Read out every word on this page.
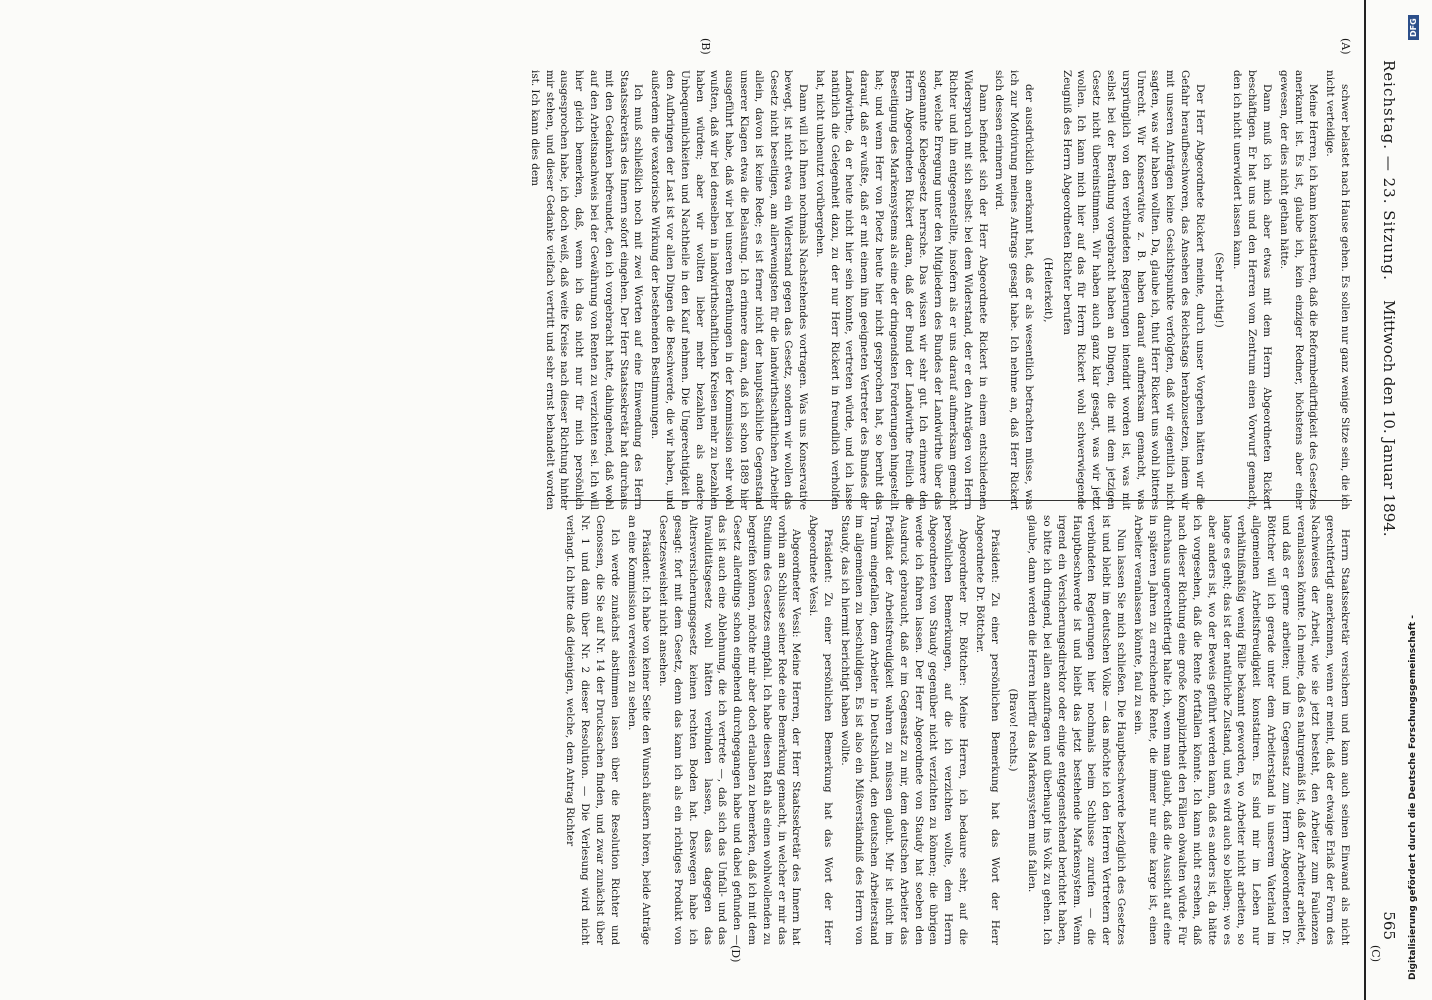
Reichstag. — 23. Sitzung.
Mittwoch den 10. Januar 1894.
565
(A)
(B)
(C)
(D)

schwer belastet nach Hause gehen. Es sollen nur ganz wenige Sitze sein, die ich nicht verteidige.

Meine Herren, ich kann konstatieren, daß die Reformbedürftigkeit des Gesetzes anerkannt ist. Es ist, glaube ich, kein einziger Redner, höchstens aber einer gewesen, der dies nicht gethan hätte.

Dann muß ich mich aber etwas mit dem Herrn Abgeordneten Rickert beschäftigen. Er hat uns und den Herren vom Zentrum einen Vorwurf gemacht, den ich nicht unerwidert lassen kann.

(Sehr richtig!)

Der Herr Abgeordnete Rickert meinte, durch unser Vorgehen hätten wir die Gefahr heraufbeschworen, das Ansehen des Reichstags herabzusetzen, indem wir mit unseren Anträgen keine Gesichtspunkte verfolgten, daß wir eigentlich nicht sagten, was wir haben wollten. Da, glaube ich, thut Herr Rickert uns wohl bitteres Unrecht. Wir Konservative z. B. haben darauf aufmerksam gemacht, was ursprünglich von den verbündeten Regierungen intendirt worden ist, was mit selbst bei der Berathung vorgebracht haben an Dingen, die mit dem jetzigen Gesetz nicht übereinstimmen. Wir haben auch ganz klar gesagt, was wir jetzt wollen. Ich kann mich hier auf das für Herrn Rickert wohl schwerwiegende Zeugniß des Herrn Abgeordneten Richter berufen

(Heiterkeit),

der ausdrücklich anerkannt hat, daß er als wesentlich betrachten müsse, was ich zur Motivirung meines Antrags gesagt habe. Ich nehme an, daß Herr Rickert sich dessen erinnern wird.

Dann befindet sich der Herr Abgeordnete Rickert in einem entschiedenen Widerspruch mit sich selbst: bei dem Widerstand, der er den Anträgen von Herrn Richter und ihn entgegenstellte, insofern als er uns darauf aufmerksam gemacht hat, welche Erregung unter den Mitgliedern des Bundes der Landwirthe über das sogenannte Klebegesetz herrsche. Das wissen wir sehr gut. Ich erinnere den Herrn Abgeordneten Rickert daran, daß der Bund der Landwirthe freilich die Beseitigung des Markensystems als eine der dringendsten Forderungen hingestellt hat; und wenn Herr von Ploetz heute hier nicht gesprochen hat, so beruht das darauf, daß er wußte, daß er mit einem ihm geeigneten Vertreter des Bundes der Landwirthe, da er heute nicht hier sein konnte, vertreten würde, und ich lasse natürlich die Gelegenheit dazu, zu der nur Herr Rickert in freundlich verholfen hat, nicht unbenutzt vorübergehen.

Dann will ich Ihnen nochmals Nachstehendes vortragen. Was uns Konservative bewegt, ist nicht etwa ein Widerstand gegen das Gesetz, sondern wir wollen das Gesetz nicht beseitigen, am allerwenigsten für die landwirthschaftlichen Arbeiter allein, davon ist keine Rede; es ist ferner nicht der hauptsächliche Gegenstand unserer Klagen etwa die Belastung. Ich erinnere daran, daß ich schon 1889 hier ausgeführt habe, daß wir bei unseren Berathungen in der Kommission sehr wohl wußten, daß wir bei denselben in landwirthschaftlichen Kreisen mehr zu bezahlen haben würden; aber wir wollten lieber mehr bezahlen als andere Unbequemlichkeiten und Nachtheile in den Kauf nehmen. Die Ungerechtigkeit in den Aufbringen der Last ist vor allen Dingen die Beschwerde, die wir haben, und außerdem die vexatorische Wirkung der bestehenden Bestimmungen.

Ich muß schließlich noch mit zwei Worten auf eine Einwendung des Herrn Staatssekretärs des Innern sofort eingehen. Der Herr Staatssekretär hat durchaus mit den Gedanken befreundet, den ich vorgebracht hatte, dahingehend, daß wohl auf den Arbeitsnachweis bei der Gewährung von Renten zu verzichten sei. Ich will hier gleich bemerken, daß, wenn ich das nicht nur für mich persönlich ausgesprochen habe, ich doch weiß, daß weite Kreise nach dieser Richtung hinter mir stehen, und dieser Gedanke vielfach vertritt und sehr ernst behandelt worden ist. Ich kann dies dem

Herrn Staatssekretär versichern und kann auch seinen Einwand als nicht gerechtfertigt anerkennen, wenn er meint, daß der etwaige Erlaß der Form des Nachweises der Arbeit, wie sie jetzt besteht, den Arbeiter zum Faulenzen veranlassen könnte. Ich meine, daß es naturgemäß ist, daß der Arbeiter arbeitet, und daß er gerne arbeiten; und im Gegensatz zum Herrn Abgeordneten Dr. Böttcher will ich gerade unter dem Arbeiterstand in unserem Vaterland im allgemeinen Arbeitsfreudigkeit konstatiren. Es sind mir im Leben nur verhältnißmäßig wenig Fälle bekannt geworden, wo Arbeiter nicht arbeiten, so lange es geht; das ist der natürliche Zustand, und es wird auch so bleiben; wo es aber anders ist, wo der Beweis geführt werden kann, daß es anders ist, da hätte ich vorgesehen, daß die Rente fortfallen könnte. Ich kann nicht ersehen, daß nach dieser Richtung eine große Komplizirtheit den Fällen obwalten würde. Für durchaus ungerechtfertigt halte ich, wenn man glaubt, daß die Aussicht auf eine in späteren Jahren zu erreichende Rente, die immer nur eine karge ist, einen Arbeiter veranlassen könnte, faul zu sein.

Nun lassen Sie mich schließen. Die Hauptbeschwerde bezüglich des Gesetzes ist und bleibt im deutschen Volke — das möchte ich den Herren Vertretern der verbündeten Regierungen hier nochmals beim Schlusse zurufen — die Hauptbeschwerde ist und bleibt das jetzt bestehende Markensystem. Wenn irgend ein Versicherungsdirektor oder einige entgegenstehend berichtet haben, so bitte ich dringend, bei allen anzufragen und überhaupt ins Volk zu gehen. Ich glaube, dann werden die Herren hierfür das Markensystem muß fallen.

(Bravo! rechts.)

Präsident: Zu einer persönlichen Bemerkung hat das Wort der Herr Abgeordnete Dr. Böttcher.

Abgeordneter Dr. Böttcher: Meine Herren, ich bedaure sehr, auf die persönlichen Bemerkungen, auf die ich verzichten wollte, dem Herrn Abgeordneten von Staudy gegenüber nicht verzichten zu können; die übrigen werde ich fahren lassen. Der Herr Abgeordnete von Staudy hat soeben den Ausdruck gebraucht, daß er im Gegensatz zu mir, dem deutschen Arbeiter das Prädikat der Arbeitsfreudigkeit wahren zu müssen glaubt. Mir ist nicht im Traum eingefallen, dem Arbeiter in Deutschland, den deutschen Arbeiterstand im allgemeinen zu beschuldigen. Es ist also ein Mißverständniß des Herrn von Staudy, das ich hiermit berichtigt haben wollte.

Präsident: Zu einer persönlichen Bemerkung hat das Wort der Herr Abgeordnete Vessi.

Abgeordneter Vessi: Meine Herren, der Herr Staatssekretär des Innern hat vorhin am Schlusse seiner Rede eine Bemerkung gemacht, in welcher er mir das Studium des Gesetzes empfahl. Ich habe diesen Rath als einen wohlwollenden zu begreifen können, möchte mir aber doch erlauben zu bemerken, daß ich mit dem Gesetz allerdings schon eingehend durchgegangen habe und dabei gefunden — das ist auch eine Ablehnung, die ich vertrete —, daß sich das Unfall- und das Invaliditätsgesetz wohl hätten verbinden lassen, dass dagegen das Altersversicherungsgesetz keinen rechten Boden hat. Deswegen habe ich gesagt: fort mit dem Gesetz, denn das kann ich als ein richtiges Produkt von Gesetzesweisheit nicht ansehen.

Präsident: Ich habe von keiner Seite den Wunsch äußern hören, beide Anträge an eine Kommission verweisen zu sehen.

Ich werde zunächst abstimmen lassen über die Resolution Richter und Genossen, die Sie auf Nr. 14 der Drucksachen finden, und zwar zunächst über Nr. 1 und dann über Nr. 2 dieser Resolution. — Die Verlesung wird nicht verlangt. Ich bitte daß diejenigen, welche, dem Antrag Richter	Digitalisierung gefördert durch die Deutsche Forschungsgemeinschaft -
DFG
